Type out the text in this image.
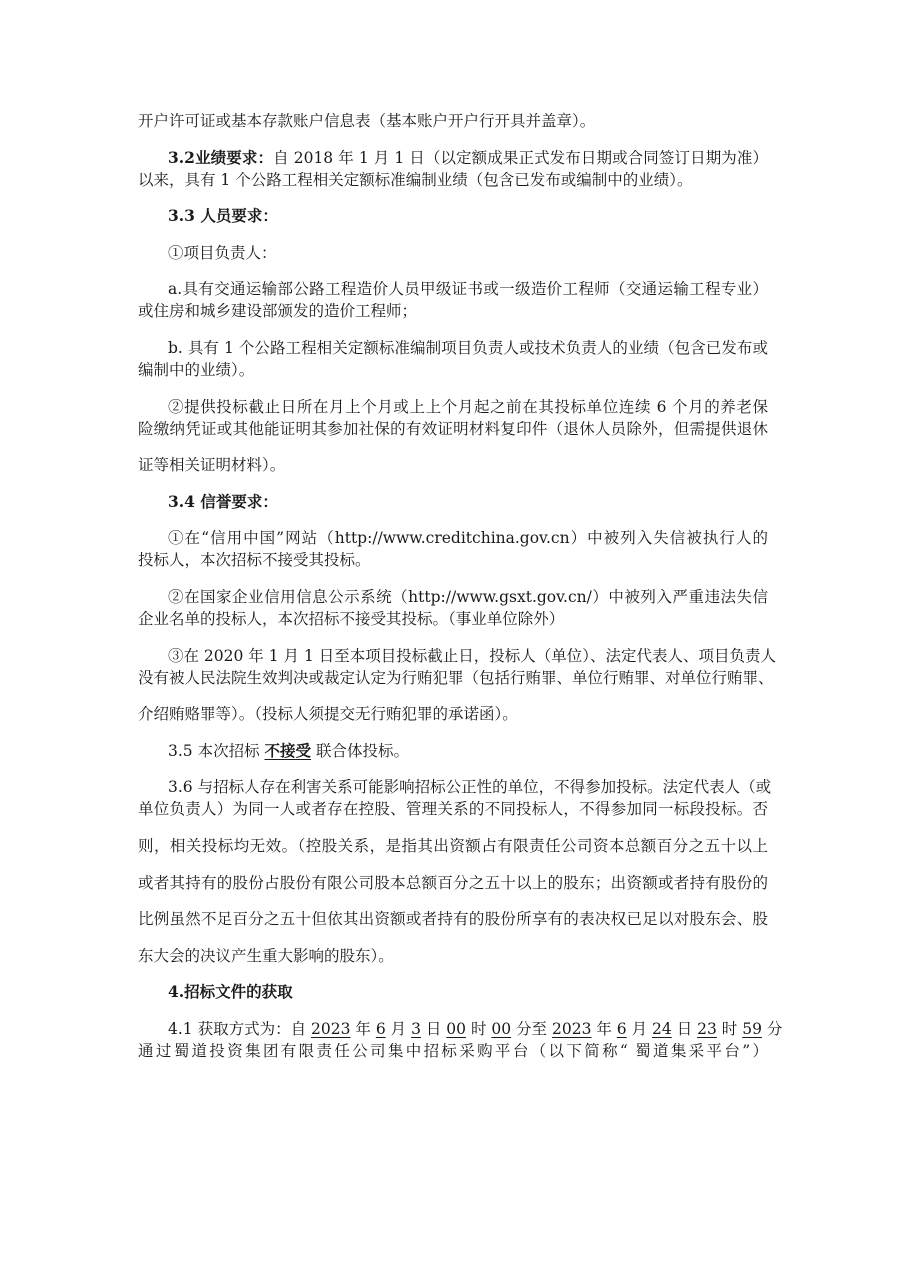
开户许可证或基本存款账户信息表（基本账户开户行开具并盖章）。

3.2业绩要求：自 2018 年 1 月 1 日（以定额成果正式发布日期或合同签订日期为准）

以来，具有 1 个公路工程相关定额标准编制业绩（包含已发布或编制中的业绩）。

3.3 人员要求：

①项目负责人：

a.具有交通运输部公路工程造价人员甲级证书或一级造价工程师（交通运输工程专业）

或住房和城乡建设部颁发的造价工程师；

b. 具有 1 个公路工程相关定额标准编制项目负责人或技术负责人的业绩（包含已发布或

编制中的业绩）。

②提供投标截止日所在月上个月或上上个月起之前在其投标单位连续 6 个月的养老保

险缴纳凭证或其他能证明其参加社保的有效证明材料复印件（退休人员除外，但需提供退休

证等相关证明材料）。

3.4 信誉要求：

①在“信用中国”网站（http://www.creditchina.gov.cn）中被列入失信被执行人的

投标人，本次招标不接受其投标。

②在国家企业信用信息公示系统（http://www.gsxt.gov.cn/）中被列入严重违法失信

企业名单的投标人，本次招标不接受其投标。（事业单位除外）

③在 2020 年 1 月 1 日至本项目投标截止日，投标人（单位）、法定代表人、项目负责人

没有被人民法院生效判决或裁定认定为行贿犯罪（包括行贿罪、单位行贿罪、对单位行贿罪、

介绍贿赂罪等）。（投标人须提交无行贿犯罪的承诺函）。

3.5 本次招标 不接受 联合体投标。

3.6 与招标人存在利害关系可能影响招标公正性的单位，不得参加投标。法定代表人（或

单位负责人）为同一人或者存在控股、管理关系的不同投标人，不得参加同一标段投标。否

则，相关投标均无效。（控股关系，是指其出资额占有限责任公司资本总额百分之五十以上

或者其持有的股份占股份有限公司股本总额百分之五十以上的股东；出资额或者持有股份的

比例虽然不足百分之五十但依其出资额或者持有的股份所享有的表决权已足以对股东会、股

东大会的决议产生重大影响的股东）。

4.招标文件的获取

4.1 获取方式为：自 2023 年 6 月 3 日 00 时 00 分至 2023 年 6 月 24 日 23 时 59 分

通过蜀道投资集团有限责任公司集中招标采购平台（以下简称“ 蜀道集采平台”）
